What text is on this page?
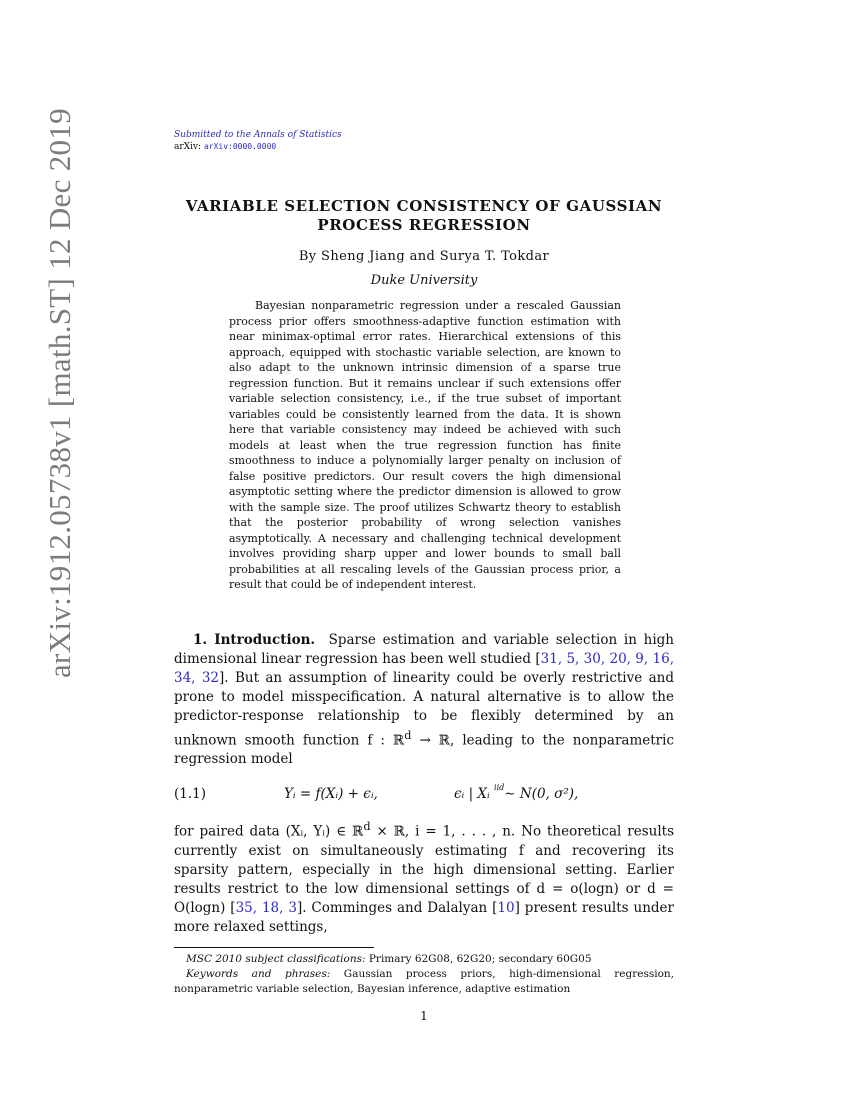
arXiv:1912.05738v1 [math.ST] 12 Dec 2019	Submitted to the Annals of Statistics

arXiv: arXiv:0000.0000

VARIABLE SELECTION CONSISTENCY OF GAUSSIAN
PROCESS REGRESSION
By Sheng Jiang and Surya T. Tokdar
Duke University
Bayesian nonparametric regression under a rescaled Gaussian process prior offers smoothness-adaptive function estimation with near minimax-optimal error rates. Hierarchical extensions of this approach, equipped with stochastic variable selection, are known to also adapt to the unknown intrinsic dimension of a sparse true regression function. But it remains unclear if such extensions offer variable selection consistency, i.e., if the true subset of important variables could be consistently learned from the data. It is shown here that variable consistency may indeed be achieved with such models at least when the true regression function has finite smoothness to induce a polynomially larger penalty on inclusion of false positive predictors. Our result covers the high dimensional asymptotic setting where the predictor dimension is allowed to grow with the sample size. The proof utilizes Schwartz theory to establish that the posterior probability of wrong selection vanishes asymptotically. A necessary and challenging technical development involves providing sharp upper and lower bounds to small ball probabilities at all rescaling levels of the Gaussian process prior, a result that could be of independent interest.
1. Introduction. Sparse estimation and variable selection in high dimensional linear regression has been well studied [31, 5, 30, 20, 9, 16, 34, 32]. But an assumption of linearity could be overly restrictive and prone to model misspecification. A natural alternative is to allow the predictor-response relationship to be flexibly determined by an unknown smooth function f : ℝ$^d$ → ℝ, leading to the nonparametric regression model
(1.1)	Yᵢ = f(Xᵢ) + ϵᵢ,	ϵᵢ | Xᵢ $^{iid}$∼ N(0, σ²),
for paired data (Xᵢ, Yᵢ) ∈ ℝ$^d$ × ℝ, i = 1, . . . , n. No theoretical results currently exist on simultaneously estimating f and recovering its sparsity pattern, especially in the high dimensional setting. Earlier results restrict to the low dimensional settings of d = o(logn) or d = O(logn) [35, 18, 3]. Comminges and Dalalyan [10] present results under more relaxed settings,

MSC 2010 subject classifications: Primary 62G08, 62G20; secondary 60G05

Keywords and phrases: Gaussian process priors, high-dimensional regression, nonparametric variable selection, Bayesian inference, adaptive estimation

1
